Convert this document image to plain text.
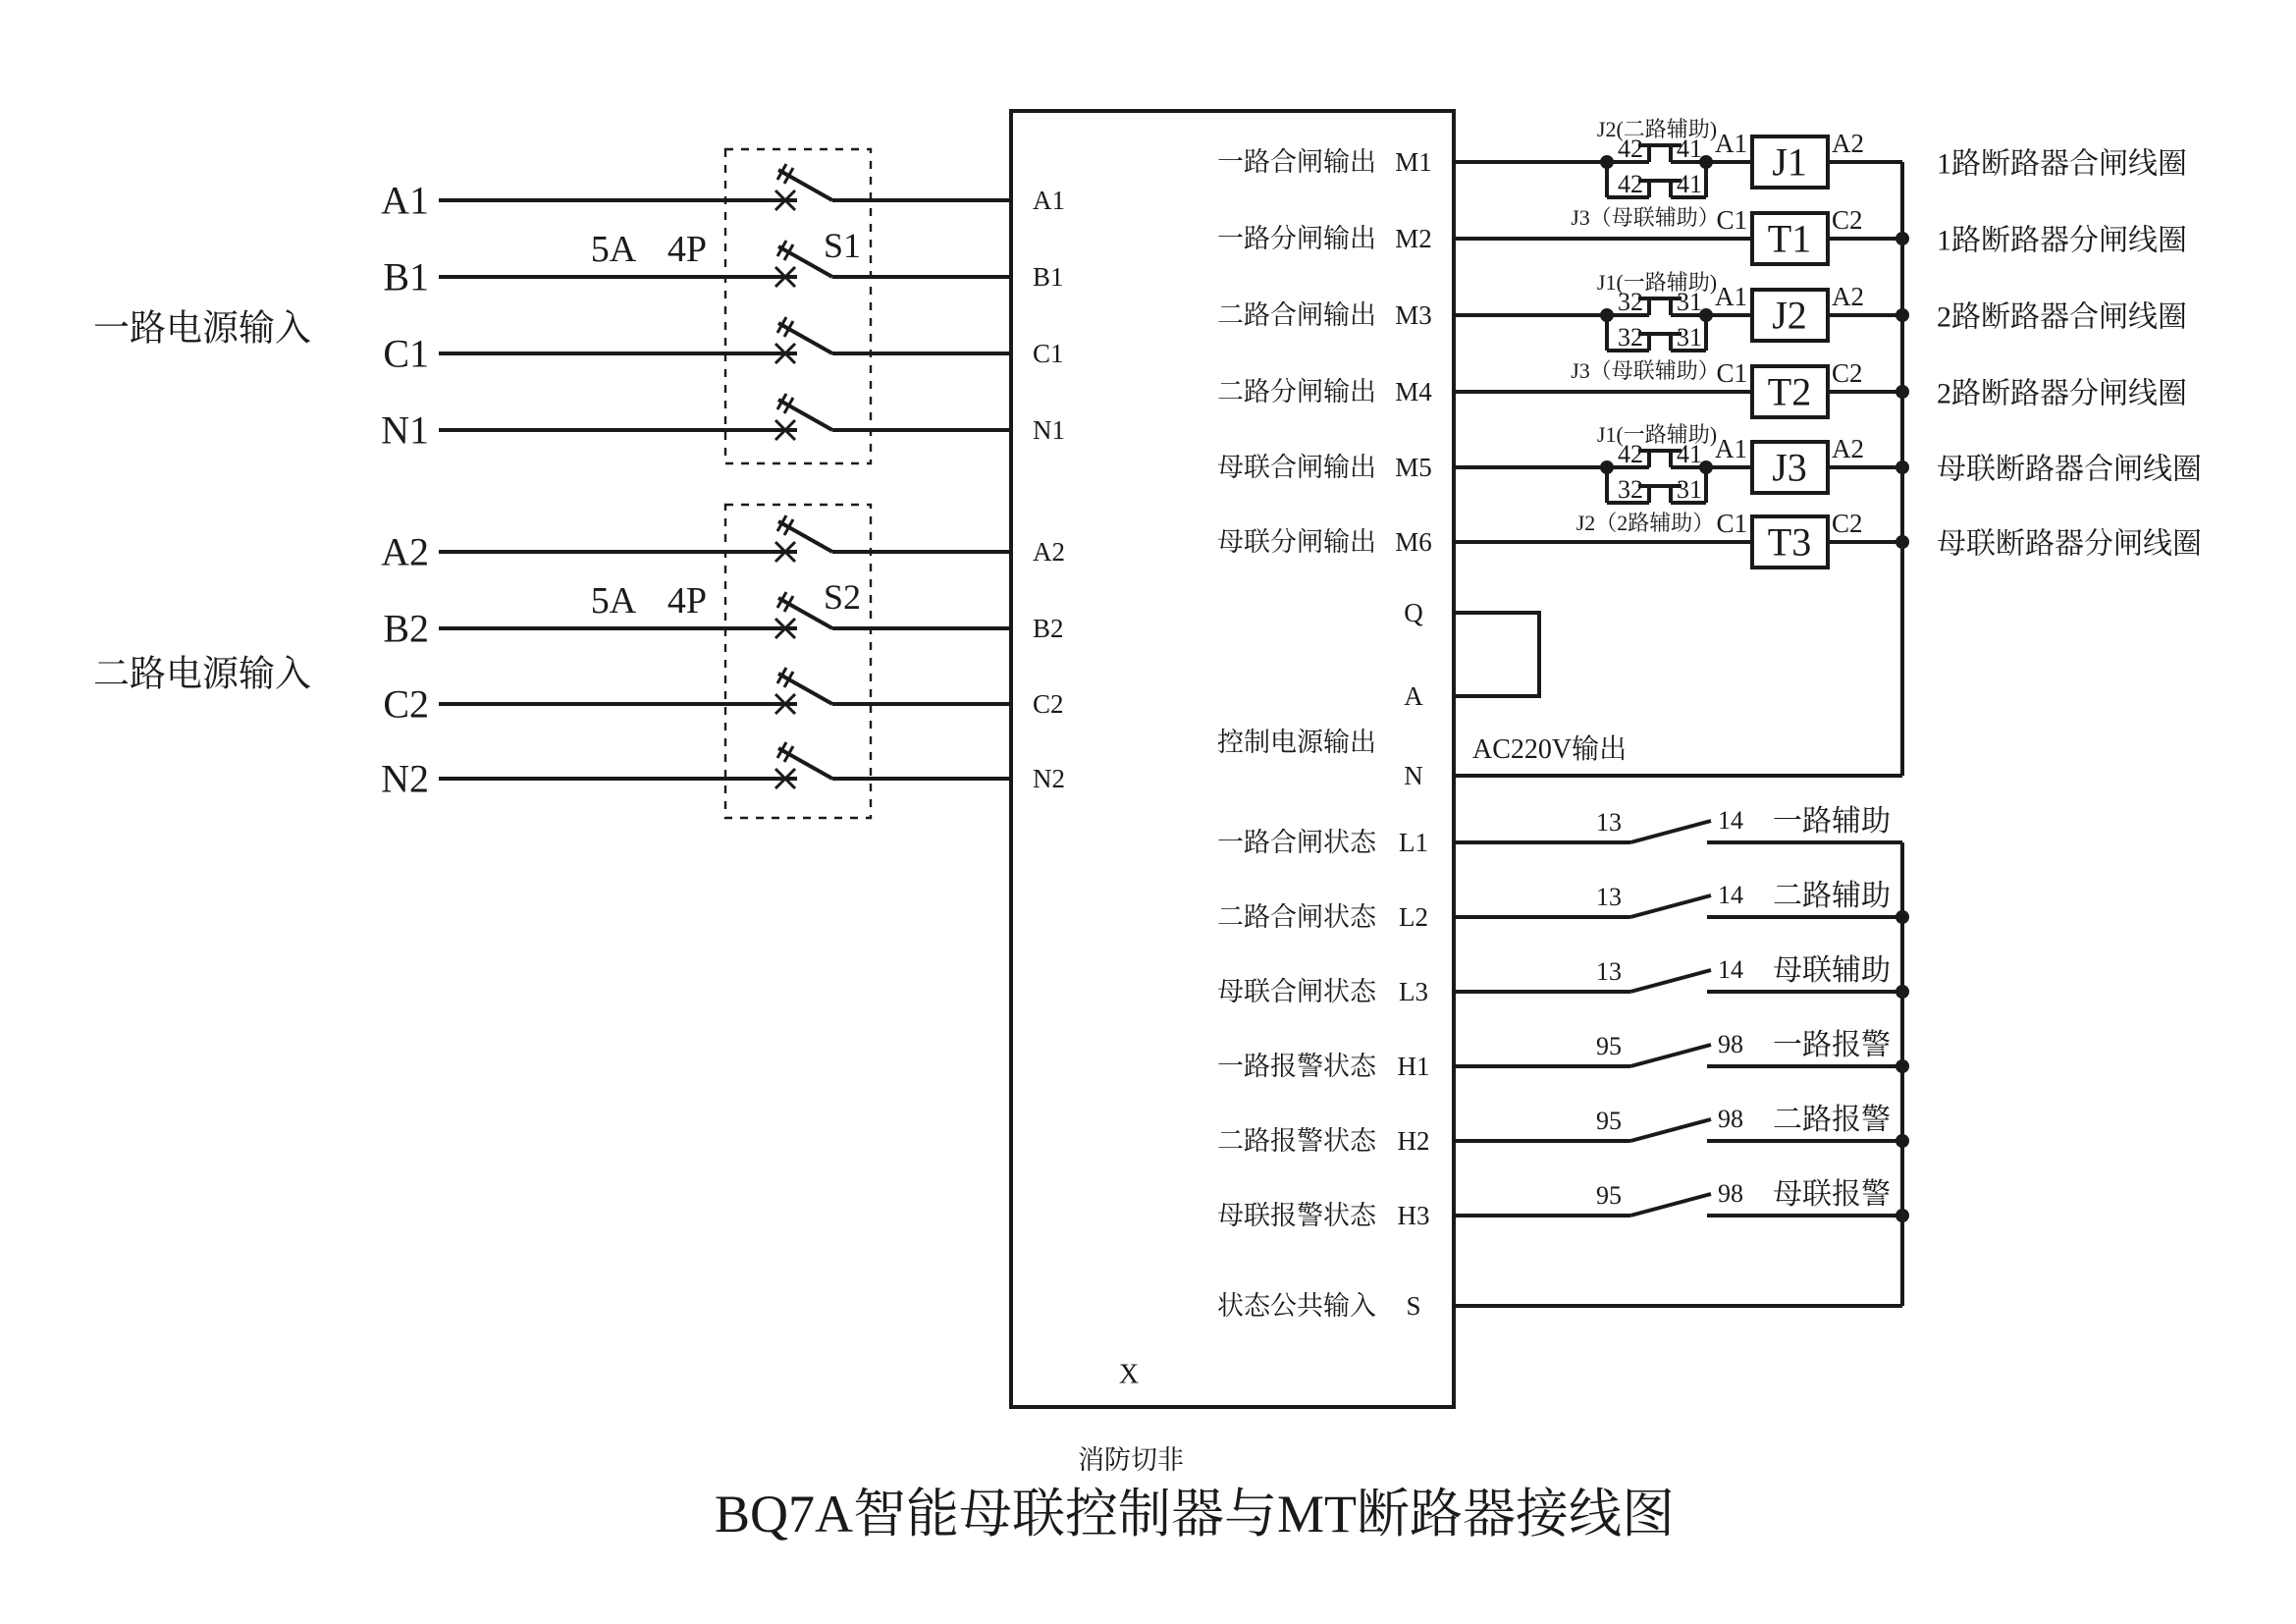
一路电源输入
A1
B1
C1
N1
5A 4P	S1
二路电源输入
A2
B2
C2
N2
5A 4P	S2
A1
B1
C1
N1
A2
B2
C2
N2
X
消防切非
一路合闸输出 M1
J2(二路辅助)
42 41
42 41
J3（母联辅助）
A1 J1 A2
1路断路器合闸线圈
一路分闸输出 M2
C1 T1 C2
1路断路器分闸线圈
二路合闸输出 M3
J1(一路辅助)
32 31
32 31
J3（母联辅助）
A1 J2 A2
2路断路器合闸线圈
二路分闸输出 M4
C1 T2 C2
2路断路器分闸线圈
母联合闸输出 M5
J1(一路辅助)
42 41
32 31
J2（2路辅助）
A1 J3 A2
母联断路器合闸线圈
母联分闸输出 M6
C1 T3 C2
母联断路器分闸线圈
Q
A
N
控制电源输出	AC220V输出
一路合闸状态 L1
13	14 一路辅助
二路合闸状态 L2
13	14 二路辅助
母联合闸状态 L3
13	14 母联辅助
一路报警状态 H1
95	98 一路报警
二路报警状态 H2
95	98 二路报警
母联报警状态 H3
95	98 母联报警
状态公共输入 S
BQ7A智能母联控制器与MT断路器接线图
